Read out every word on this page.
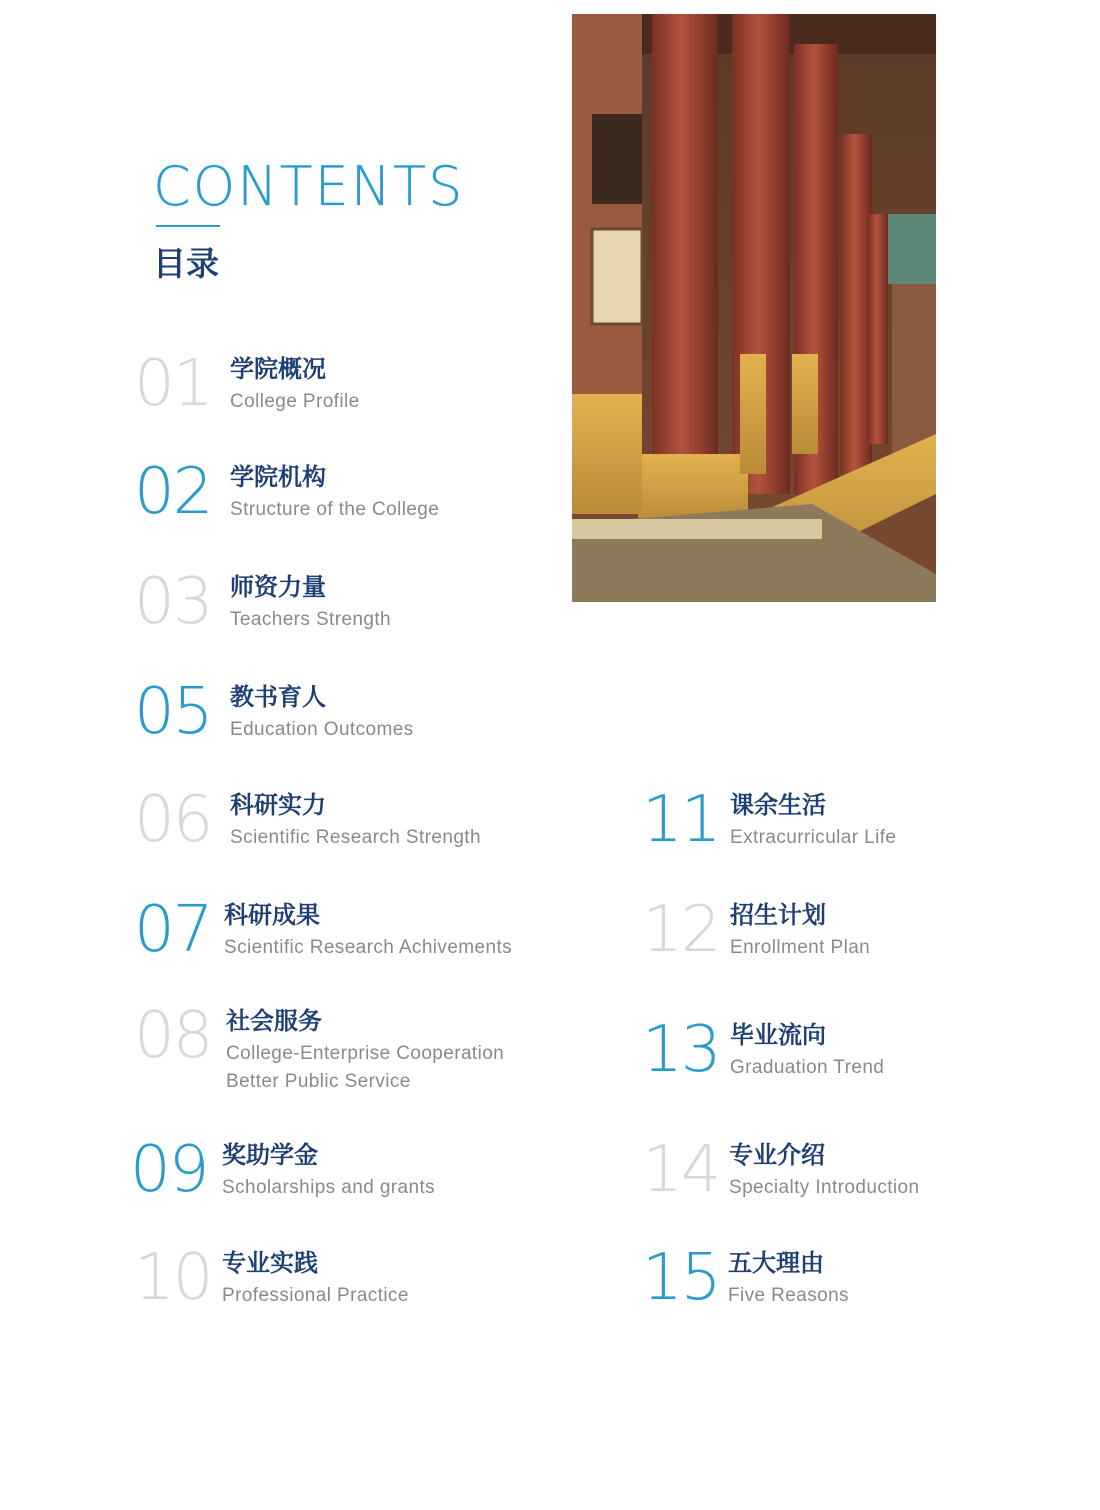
CONTENTS
目录
01 学院概况
College Profile
02 学院机构
Structure of the College
03 师资力量
Teachers Strength
05 教书育人
Education Outcomes
06 科研实力
Scientific Research Strength
07 科研成果
Scientific Research Achivements
08 社会服务
College-Enterprise Cooperation
Better Public Service
09 奖助学金
Scholarships and grants
10 专业实践
Professional Practice
11 课余生活
Extracurricular Life
12 招生计划
Enrollment Plan
13 毕业流向
Graduation Trend
14 专业介绍
Specialty Introduction
15 五大理由
Five Reasons
